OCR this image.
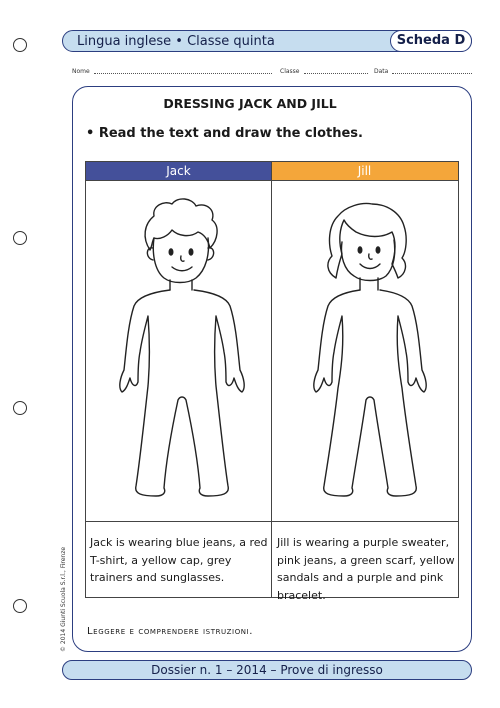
Lingua inglese • Classe quinta	Scheda D
Nome	Classe	Data
DRESSING JACK AND JILL
• Read the text and draw the clothes.
Jack	Jill
Jack is wearing blue jeans, a red T-shirt, a yellow cap, grey trainers and sunglasses.
Jill is wearing a purple sweater, pink jeans, a green scarf, yellow sandals and a purple and pink bracelet.
Leggere e comprendere istruzioni.
© 2014 Giunti Scuola S.r.l., Firenze
Dossier n. 1 – 2014 – Prove di ingresso
